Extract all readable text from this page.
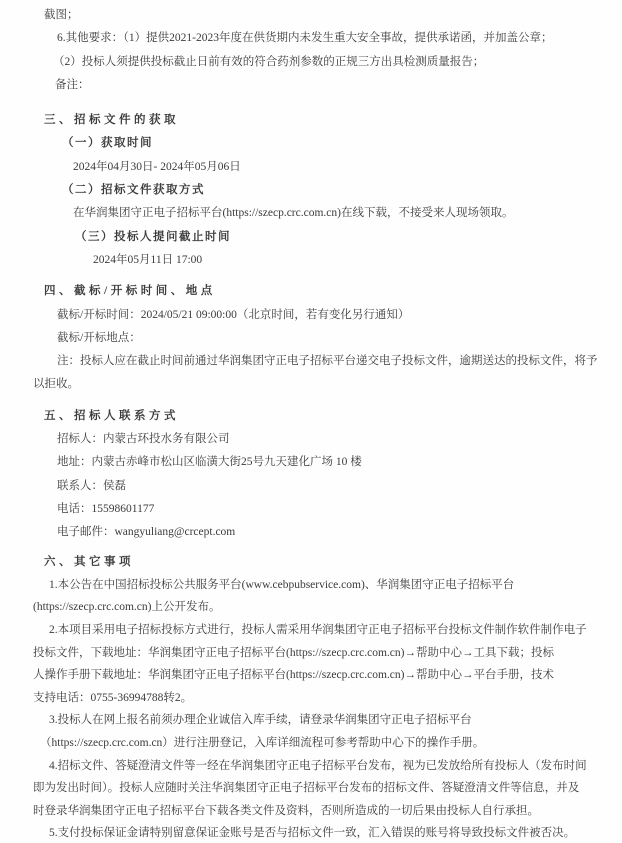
截图；
6.其他要求：（1）提供2021-2023年度在供货期内未发生重大安全事故，提供承诺函，并加盖公章；
（2）投标人须提供投标截止日前有效的符合药剂参数的正规三方出具检测质量报告；
备注：
三、招标文件的获取
（一）获取时间
2024年04月30日- 2024年05月06日
（二）招标文件获取方式
在华润集团守正电子招标平台(https://szecp.crc.com.cn)在线下载，不接受来人现场领取。
（三）投标人提问截止时间
2024年05月11日 17:00
四、截标/开标时间、地点
截标/开标时间：2024/05/21 09:00:00（北京时间，若有变化另行通知）
截标/开标地点：
注：投标人应在截止时间前通过华润集团守正电子招标平台递交电子投标文件，逾期送达的投标文件，将予
以拒收。
五、招标人联系方式
招标人：内蒙古环投水务有限公司
地址：内蒙古赤峰市松山区临潢大街25号九天建化广场 10 楼
联系人：侯磊
电话：15598601177
电子邮件：wangyuliang@crcept.com
六、其它事项
1.本公告在中国招标投标公共服务平台(www.cebpubservice.com)、华润集团守正电子招标平台
(https://szecp.crc.com.cn)上公开发布。
2.本项目采用电子招标投标方式进行，投标人需采用华润集团守正电子招标平台投标文件制作软件制作电子
投标文件，下载地址：华润集团守正电子招标平台(https://szecp.crc.com.cn)→帮助中心→工具下载；投标
人操作手册下载地址：华润集团守正电子招标平台(https://szecp.crc.com.cn)→帮助中心→平台手册，技术
支持电话：0755-36994788转2。
3.投标人在网上报名前须办理企业诚信入库手续，请登录华润集团守正电子招标平台
（https://szecp.crc.com.cn）进行注册登记，入库详细流程可参考帮助中心下的操作手册。
4.招标文件、答疑澄清文件等一经在华润集团守正电子招标平台发布，视为已发放给所有投标人（发布时间
即为发出时间）。投标人应随时关注华润集团守正电子招标平台发布的招标文件、答疑澄清文件等信息，并及
时登录华润集团守正电子招标平台下载各类文件及资料，否则所造成的一切后果由投标人自行承担。
5.支付投标保证金请特别留意保证金账号是否与招标文件一致，汇入错误的账号将导致投标文件被否决。
